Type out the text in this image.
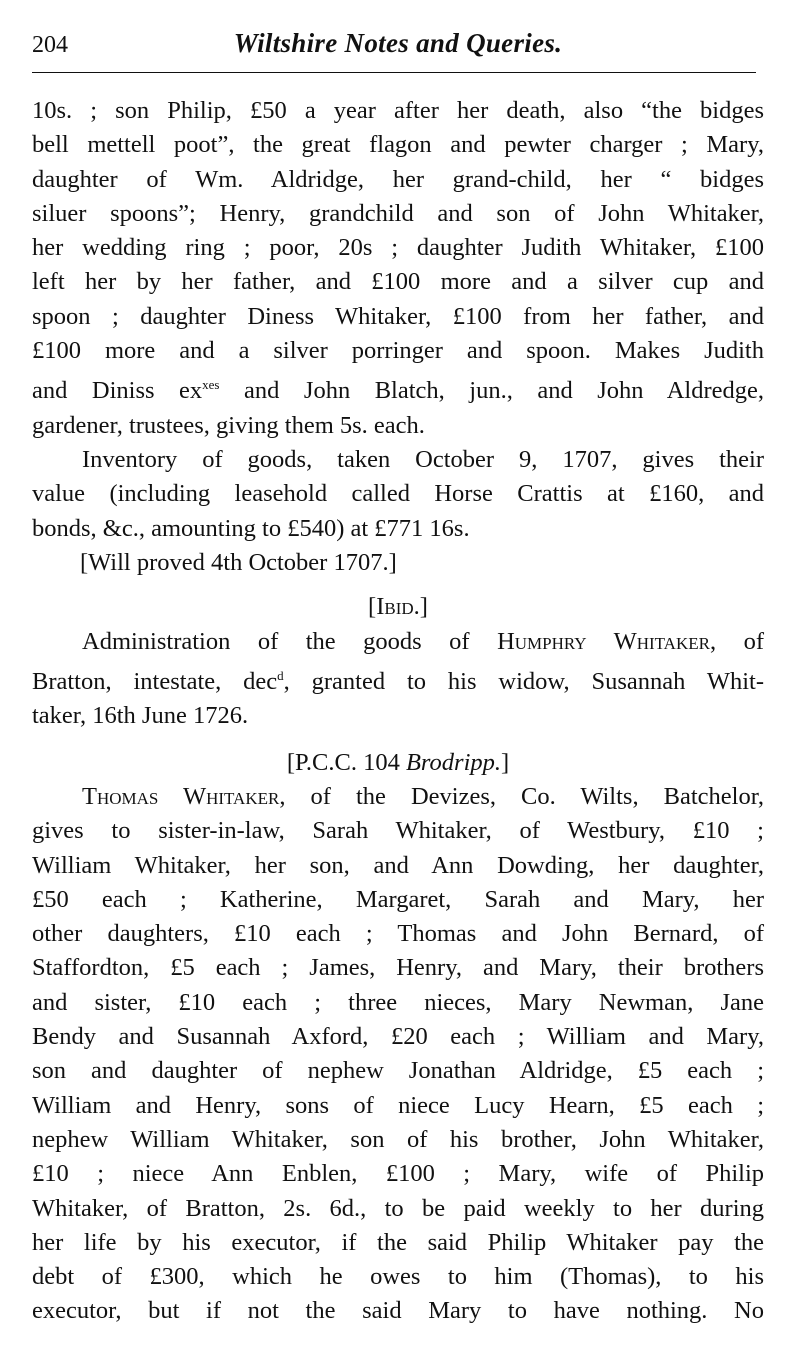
204	Wiltshire Notes and Queries.
10s. ; son Philip, £50 a year after her death, also “the bidges
bell mettell poot”, the great flagon and pewter charger ; Mary,
daughter of Wm. Aldridge, her grand-child, her “ bidges
siluer spoons”; Henry, grandchild and son of John Whitaker,
her wedding ring ; poor, 20s ; daughter Judith Whitaker, £100
left her by her father, and £100 more and a silver cup and
spoon ; daughter Diness Whitaker, £100 from her father, and
£100 more and a silver porringer and spoon. Makes Judith
and Diniss $ex^{xes}$ and John Blatch, jun., and John Aldredge,
gardener, trustees, giving them 5s. each.
Inventory of goods, taken October 9, 1707, gives their
value (including leasehold called Horse Crattis at £160, and
bonds, &c., amounting to £540) at £771 16s.
[Will proved 4th October 1707.]
[Ibid.]
Administration of the goods of Humphry Whitaker, of
Bratton, intestate, dec$^d$, granted to his widow, Susannah Whit-
taker, 16th June 1726.
[P.C.C. 104 Brodripp.]
Thomas Whitaker, of the Devizes, Co. Wilts, Batchelor,
gives to sister-in-law, Sarah Whitaker, of Westbury, £10 ;
William Whitaker, her son, and Ann Dowding, her daughter,
£50 each ; Katherine, Margaret, Sarah and Mary, her
other daughters, £10 each ; Thomas and John Bernard, of
Staffordton, £5 each ; James, Henry, and Mary, their brothers
and sister, £10 each ; three nieces, Mary Newman, Jane
Bendy and Susannah Axford, £20 each ; William and Mary,
son and daughter of nephew Jonathan Aldridge, £5 each ;
William and Henry, sons of niece Lucy Hearn, £5 each ;
nephew William Whitaker, son of his brother, John Whitaker,
£10 ; niece Ann Enblen, £100 ; Mary, wife of Philip
Whitaker, of Bratton, 2s. 6d., to be paid weekly to her during
her life by his executor, if the said Philip Whitaker pay the
debt of £300, which he owes to him (Thomas), to his
executor, but if not the said Mary to have nothing. No
